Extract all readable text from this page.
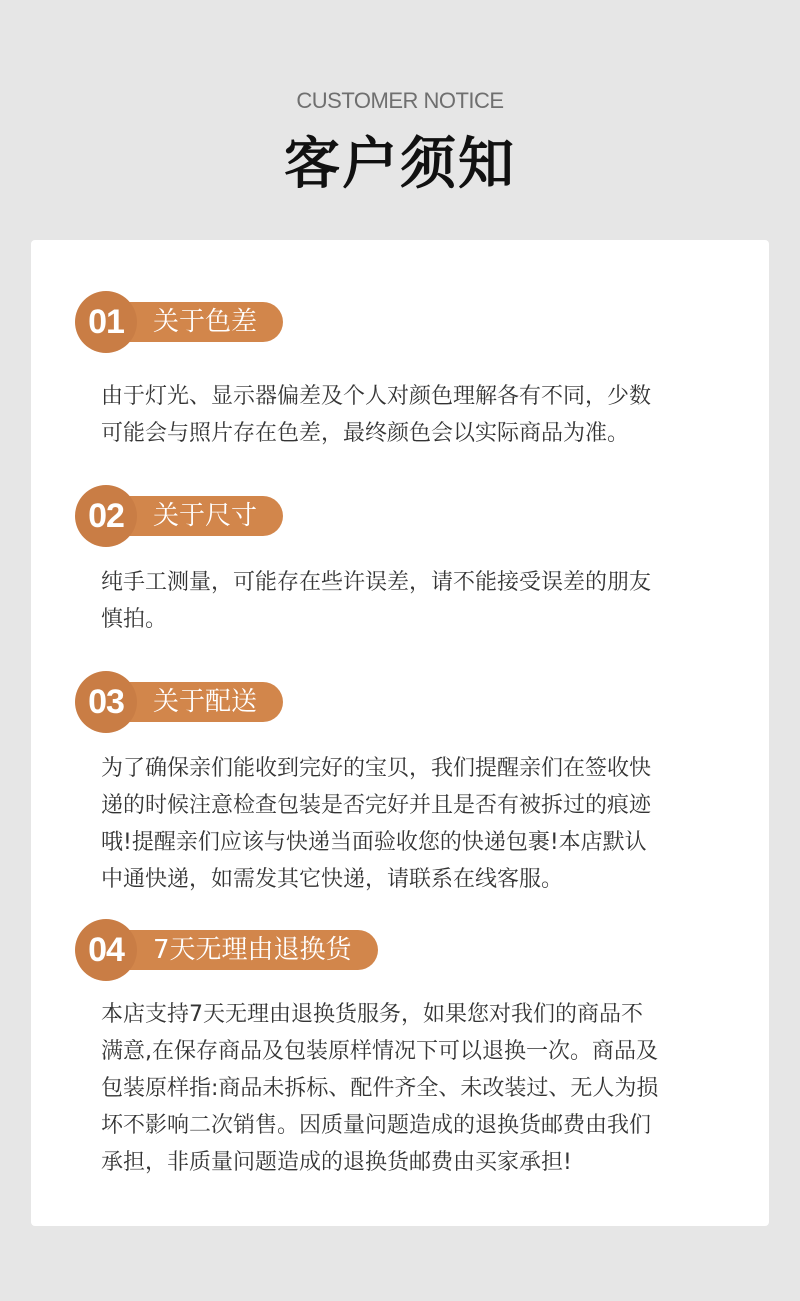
CUSTOMER NOTICE
客户须知
01	关于色差
由于灯光、显示器偏差及个人对颜色理解各有不同，少数
可能会与照片存在色差，最终颜色会以实际商品为准。
02	关于尺寸
纯手工测量，可能存在些许误差，请不能接受误差的朋友
慎拍。
03	关于配送
为了确保亲们能收到完好的宝贝，我们提醒亲们在签收快
递的时候注意检查包装是否完好并且是否有被拆过的痕迹
哦!提醒亲们应该与快递当面验收您的快递包裹!本店默认
中通快递，如需发其它快递，请联系在线客服。
04	7天无理由退换货
本店支持7天无理由退换货服务，如果您对我们的商品不
满意,在保存商品及包装原样情况下可以退换一次。商品及
包装原样指:商品未拆标、配件齐全、未改装过、无人为损
坏不影响二次销售。因质量问题造成的退换货邮费由我们
承担，非质量问题造成的退换货邮费由买家承担!
